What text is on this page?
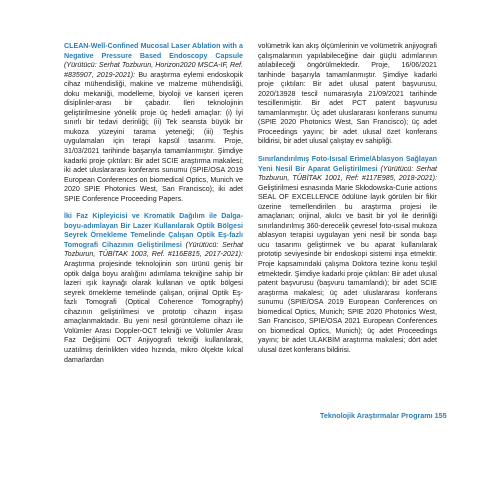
CLEAN-Well-Confined Mucosal Laser Ablation with a Negative Pressure Based Endoscopy Capsule (Yürütücü: Serhat Tozburun, Horizon2020 MSCA-IF, Ref. #835907, 2019-2021): Bu araştırma eylemi endoskopik cihaz mühendisliği, makine ve malzeme mühendisliği, doku mekaniği, modelleme, biyoloji ve kanseri içeren disiplinler-arası bir çabadır. İleri teknolojinin geliştirilmesine yönelik proje üç hedefi amaçlar: (i) İyi sınırlı bir tedavi derinliği; (ii) Tek seansta büyük bir mukoza yüzeyini tarama yeteneği; (iii) Teşhis uygulamaları için terapi kapsül tasarımı. Proje, 31/03/2021 tarihinde başarıyla tamamlanmıştır. Şimdiye kadarki proje çıktıları: Bir adet SCIE araştırma makalesi; iki adet uluslararası konferans sunumu (SPIE/OSA 2019 European Conferences on biomedical Optics, Munich ve 2020 SPIE Photonics West, San Francisco); iki adet SPIE Conference Proceeding Papers.

İki Faz Kipleyicisi ve Kromatik Dağılım ile Dalga-boyu-adımlayan Bir Lazer Kullanılarak Optik Bölgesi Seyrek Örnekleme Temelinde Çalışan Optik Eş-fazlı Tomografi Cihazının Geliştirilmesi (Yürütücü: Serhat Tozburun, TÜBİTAK 1003, Ref. #116E815, 2017-2021): Araştırma projesinde teknolojinin son ürünü geniş bir optik dalga boyu aralığını adımlama tekniğine sahip bir lazeri ışık kaynağı olarak kullanan ve optik bölgesi seyrek örnekleme temelinde çalışan, orijinal Optik Eş-fazlı Tomografi (Optical Coherence Tomography) cihazının geliştirilmesi ve prototip cihazın inşası amaçlanmaktadır. Bu yeni nesil görüntüleme cihazı ile Volümler Arası Doppler-OCT tekniği ve Volümler Arası Faz Değişimi OCT Anjiyografi tekniği kullanılarak, uzatılmış derinlikten video hızında, mikro ölçekte kılcal damarlardan

volümetrik kan akış ölçümlerinin ve volümetrik anjiyografi çalışmalarının yapılabileceğine dair güçlü adımlarının atılabileceği öngörülmektedir. Proje, 16/06/2021 tarihinde başarıyla tamamlanmıştır. Şimdiye kadarki proje çıktıları: Bir adet ulusal patent başvurusu, 2020/13928 tescil numarasıyla 21/09/2021 tarihinde tescillenmiştir. Bir adet PCT patent başvurusu tamamlanmıştır. Üç adet uluslararası konferans sunumu (SPIE 2020 Photonics West, San Francisco); üç adet Proceedings yayını; bir adet ulusal özet konferans bildirisi, bir adet ulusal çalıştay ev sahipliği.

Sınırlandırılmış Foto-Isısal Erime/Ablasyon Sağlayan Yeni Nesil Bir Aparat Geliştirilmesi (Yürütücü: Serhat Tozburun, TÜBİTAK 1001, Ref: #117E985, 2018-2021): Geliştirilmesi esnasında Marie Skłodowska-Curie actions SEAL OF EXCELLENCE ödülüne layık görülen bir fikir üzerine temellendirilen bu araştırma projesi ile amaçlanan; orijinal, akılcı ve basit bir yol ile derinliği sınırlandırılmış 360-derecelik çevresel foto-ısısal mukoza ablasyon terapisi uygulayan yeni nesil bir sonda başı ucu tasarımı geliştirmek ve bu aparat kullanılarak prototip seviyesinde bir endoskopi sistemi inşa etmektir. Proje kapsamındaki çalışma Doktora tezine konu teşkil etmektedir. Şimdiye kadarki proje çıktıları: Bir adet ulusal patent başvurusu (başvuru tamamlandı); bir adet SCIE araştırma makalesi; üç adet uluslararası konferans sunumu (SPIE/OSA 2019 European Conferences on biomedical Optics, Munich; SPIE 2020 Photonics West, San Francisco, SPIE/OSA 2021 European Conferences on biomedical Optics, Munich); üç adet Proceedings yayını; bir adet ULAKBİM araştırma makalesi; dört adet ulusal özet konferans bildirisi.

Teknolojik Araştırmalar Programı 155
